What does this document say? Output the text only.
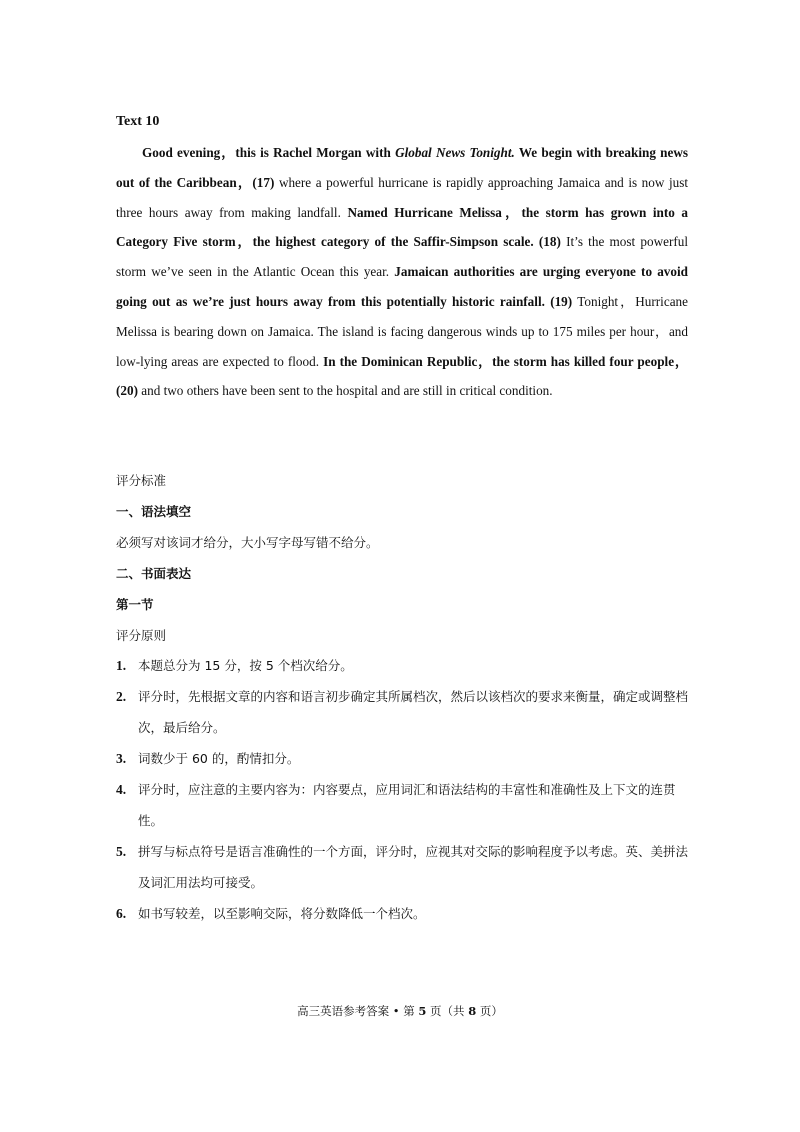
Text 10

Good evening，this is Rachel Morgan with Global News Tonight. We begin with breaking news out of the Caribbean，(17) where a powerful hurricane is rapidly approaching Jamaica and is now just three hours away from making landfall. Named Hurricane Melissa，the storm has grown into a Category Five storm，the highest category of the Saffir-Simpson scale. (18) It’s the most powerful storm we’ve seen in the Atlantic Ocean this year. Jamaican authorities are urging everyone to avoid going out as we’re just hours away from this potentially historic rainfall. (19) Tonight，Hurricane Melissa is bearing down on Jamaica. The island is facing dangerous winds up to 175 miles per hour，and low-lying areas are expected to flood. In the Dominican Republic，the storm has killed four people，(20) and two others have been sent to the hospital and are still in critical condition.

评分标准
一、语法填空
必须写对该词才给分，大小写字母写错不给分。
二、书面表达
第一节
评分原则
1. 本题总分为 15 分，按 5 个档次给分。
2. 评分时，先根据文章的内容和语言初步确定其所属档次，然后以该档次的要求来衡量，确定或调整档次，最后给分。
3. 词数少于 60 的，酌情扣分。
4. 评分时，应注意的主要内容为：内容要点，应用词汇和语法结构的丰富性和准确性及上下文的连贯性。
5. 拼写与标点符号是语言准确性的一个方面，评分时，应视其对交际的影响程度予以考虑。英、美拼法及词汇用法均可接受。
6. 如书写较差，以至影响交际，将分数降低一个档次。
高三英语参考答案 • 第 5 页（共 8 页）
